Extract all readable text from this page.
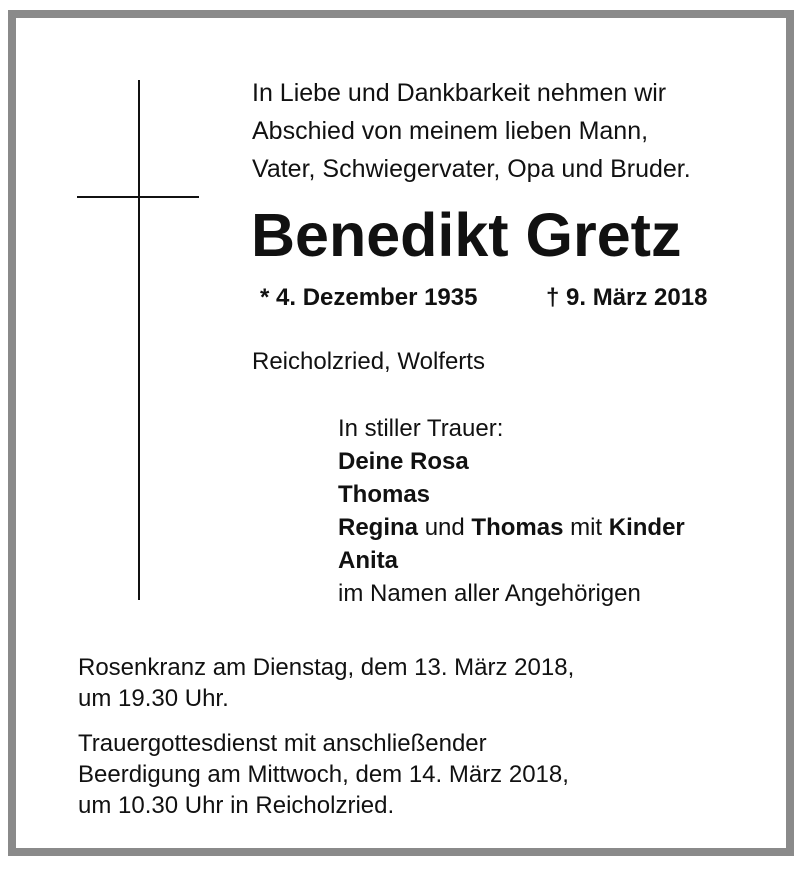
In Liebe und Dankbarkeit nehmen wir
Abschied von meinem lieben Mann,
Vater, Schwiegervater, Opa und Bruder.
Benedikt Gretz
* 4. Dezember 1935	† 9. März 2018
Reicholzried, Wolferts
In stiller Trauer:
Deine Rosa
Thomas
Regina und Thomas mit Kinder
Anita
im Namen aller Angehörigen
Rosenkranz am Dienstag, dem 13. März 2018,
um 19.30 Uhr.
Trauergottesdienst mit anschließender
Beerdigung am Mittwoch, dem 14. März 2018,
um 10.30 Uhr in Reicholzried.
